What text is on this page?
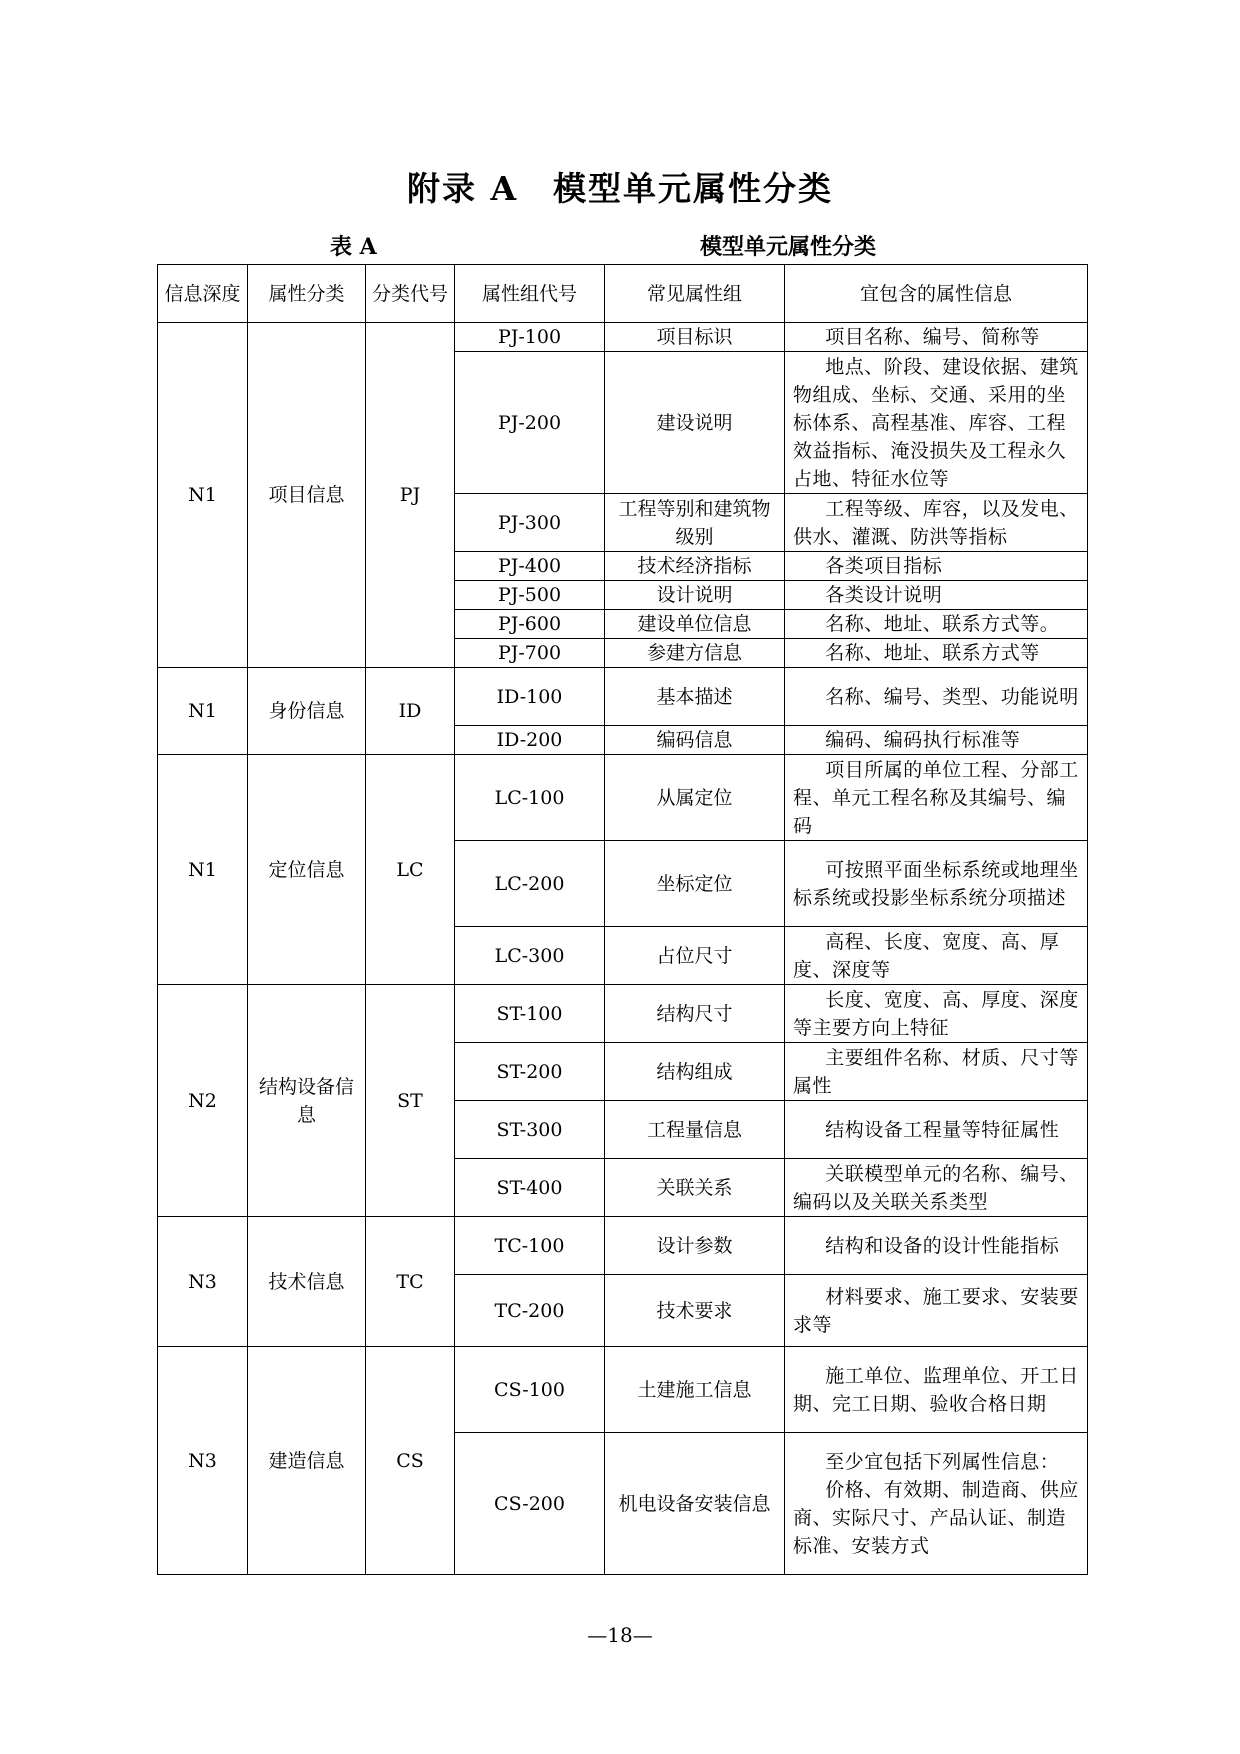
附录 A　模型单元属性分类
表 A	模型单元属性分类
信息深度	属性分类	分类代号	属性组代号	常见属性组	宜包含的属性信息
N1	项目信息	PJ	PJ-100	项目标识	项目名称、编号、简称等
			PJ-200	建设说明	地点、阶段、建设依据、建筑物组成、坐标、交通、采用的坐标体系、高程基准、库容、工程效益指标、淹没损失及工程永久占地、特征水位等
			PJ-300	工程等别和建筑物级别	工程等级、库容，以及发电、供水、灌溉、防洪等指标
			PJ-400	技术经济指标	各类项目指标
			PJ-500	设计说明	各类设计说明
			PJ-600	建设单位信息	名称、地址、联系方式等。
			PJ-700	参建方信息	名称、地址、联系方式等
N1	身份信息	ID	ID-100	基本描述	名称、编号、类型、功能说明
			ID-200	编码信息	编码、编码执行标准等
N1	定位信息	LC	LC-100	从属定位	项目所属的单位工程、分部工程、单元工程名称及其编号、编码
			LC-200	坐标定位	可按照平面坐标系统或地理坐标系统或投影坐标系统分项描述
			LC-300	占位尺寸	高程、长度、宽度、高、厚度、深度等
N2	结构设备信息	ST	ST-100	结构尺寸	长度、宽度、高、厚度、深度等主要方向上特征
			ST-200	结构组成	主要组件名称、材质、尺寸等属性
			ST-300	工程量信息	结构设备工程量等特征属性
			ST-400	关联关系	关联模型单元的名称、编号、编码以及关联关系类型
N3	技术信息	TC	TC-100	设计参数	结构和设备的设计性能指标
			TC-200	技术要求	材料要求、施工要求、安装要求等
N3	建造信息	CS	CS-100	土建施工信息	施工单位、监理单位、开工日期、完工日期、验收合格日期
			CS-200	机电设备安装信息	至少宜包括下列属性信息：
价格、有效期、制造商、供应商、实际尺寸、产品认证、制造标准、安装方式
—18—
